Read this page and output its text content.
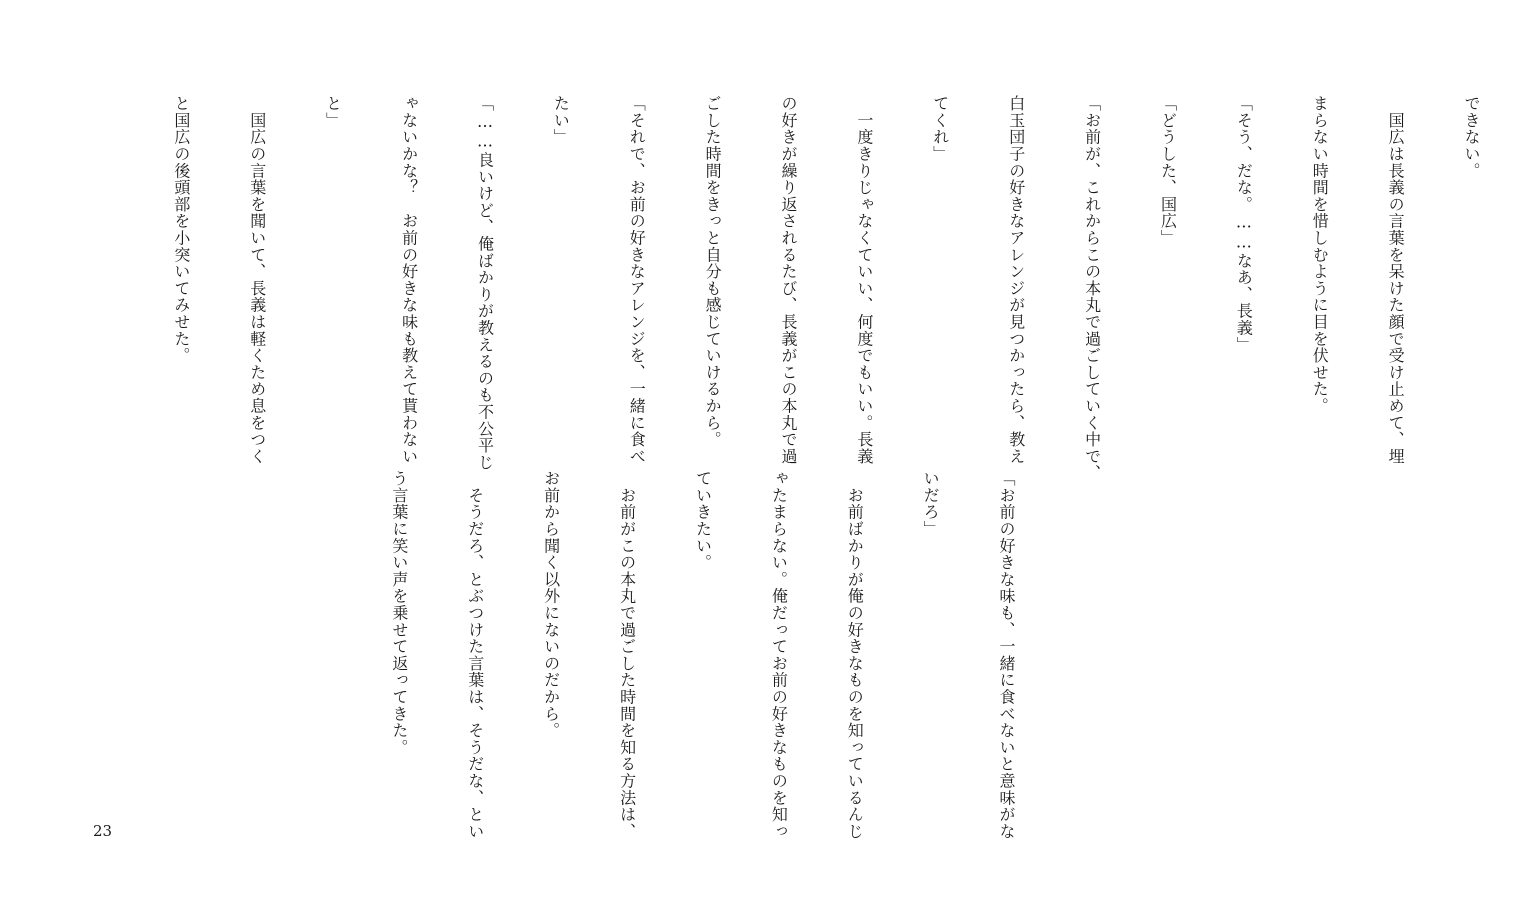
できない。

　国広は長義の言葉を呆けた顔で受け止めて、埋

まらない時間を惜しむように目を伏せた。

「そう、だな。……なあ、長義」

「どうした、国広」

「お前が、これからこの本丸で過ごしていく中で、

白玉団子の好きなアレンジが見つかったら、教え

てくれ」

　一度きりじゃなくていい、何度でもいい。長義

の好きが繰り返されるたび、長義がこの本丸で過

ごした時間をきっと自分も感じていけるから。

「それで、お前の好きなアレンジを、一緒に食べ

たい」

「……良いけど、俺ばかりが教えるのも不公平じ

ゃないかな？　お前の好きな味も教えて貰わない

と」

　国広の言葉を聞いて、長義は軽くため息をつく

と国広の後頭部を小突いてみせた。

「お前の好きな味も、一緒に食べないと意味がな

いだろ」

　お前ばかりが俺の好きなものを知っているんじ

ゃたまらない。俺だってお前の好きなものを知っ

ていきたい。

　お前がこの本丸で過ごした時間を知る方法は、

お前から聞く以外にないのだから。

　そうだろ、とぶつけた言葉は、そうだな、とい

う言葉に笑い声を乗せて返ってきた。

23
